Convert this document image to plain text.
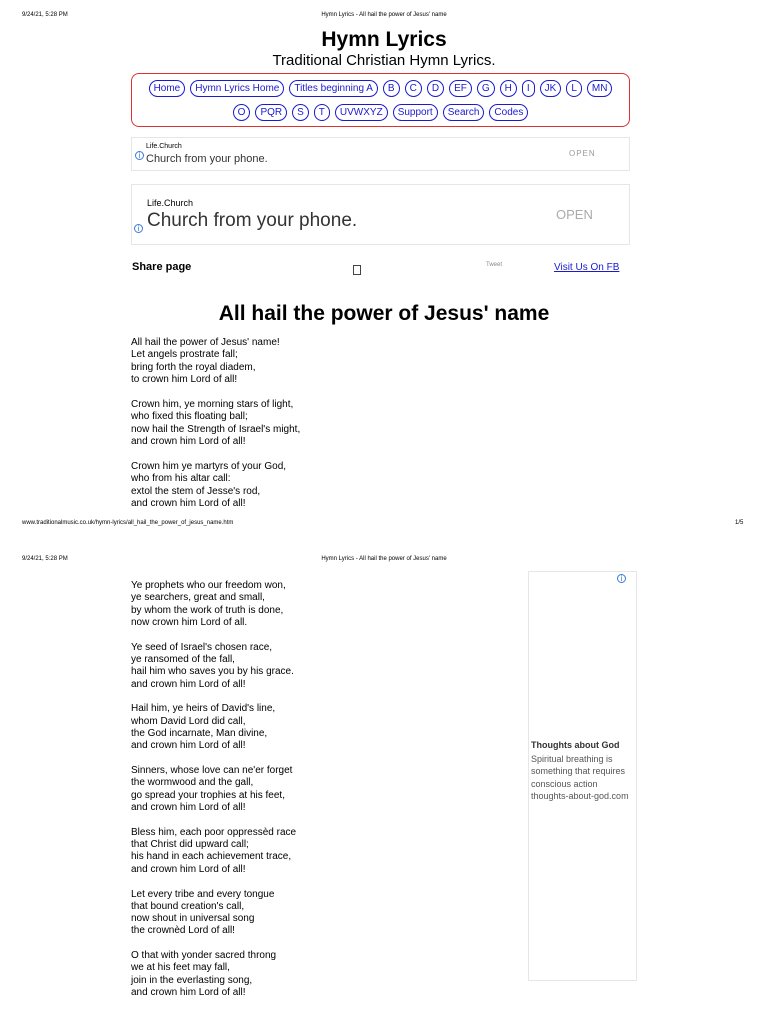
9/24/21, 5:28 PM	Hymn Lyrics - All hail the power of Jesus' name
Hymn Lyrics
Traditional Christian Hymn Lyrics.
Home	Hymn Lyrics Home	Titles beginning A	B	C	D	EF	G	H	I	JK	L	MN
O	PQR	S	T	UVWXYZ	Support	Search	Codes
i
Life.Church
Church from your phone.	OPEN
i
Life.Church
Church from your phone.	OPEN
Share page	Tweet	Visit Us On FB
All hail the power of Jesus' name
All hail the power of Jesus' name!
Let angels prostrate fall;
bring forth the royal diadem,
to crown him Lord of all!
Crown him, ye morning stars of light,
who fixed this floating ball;
now hail the Strength of Israel's might,
and crown him Lord of all!
Crown him ye martyrs of your God,
who from his altar call:
extol the stem of Jesse's rod,
and crown him Lord of all!
www.traditionalmusic.co.uk/hymn-lyrics/all_hail_the_power_of_jesus_name.htm	1/5
9/24/21, 5:28 PM	Hymn Lyrics - All hail the power of Jesus' name
Ye prophets who our freedom won,
ye searchers, great and small,
by whom the work of truth is done,
now crown him Lord of all.
Ye seed of Israel's chosen race,
ye ransomed of the fall,
hail him who saves you by his grace.
and crown him Lord of all!
Hail him, ye heirs of David's line,
whom David Lord did call,
the God incarnate, Man divine,
and crown him Lord of all!
Sinners, whose love can ne'er forget
the wormwood and the gall,
go spread your trophies at his feet,
and crown him Lord of all!
Bless him, each poor oppressèd race
that Christ did upward call;
his hand in each achievement trace,
and crown him Lord of all!
Let every tribe and every tongue
that bound creation's call,
now shout in universal song
the crownèd Lord of all!
O that with yonder sacred throng
we at his feet may fall,
join in the everlasting song,
and crown him Lord of all!
i
Thoughts about God
Spiritual breathing is something that requires conscious action thoughts-about-god.com
